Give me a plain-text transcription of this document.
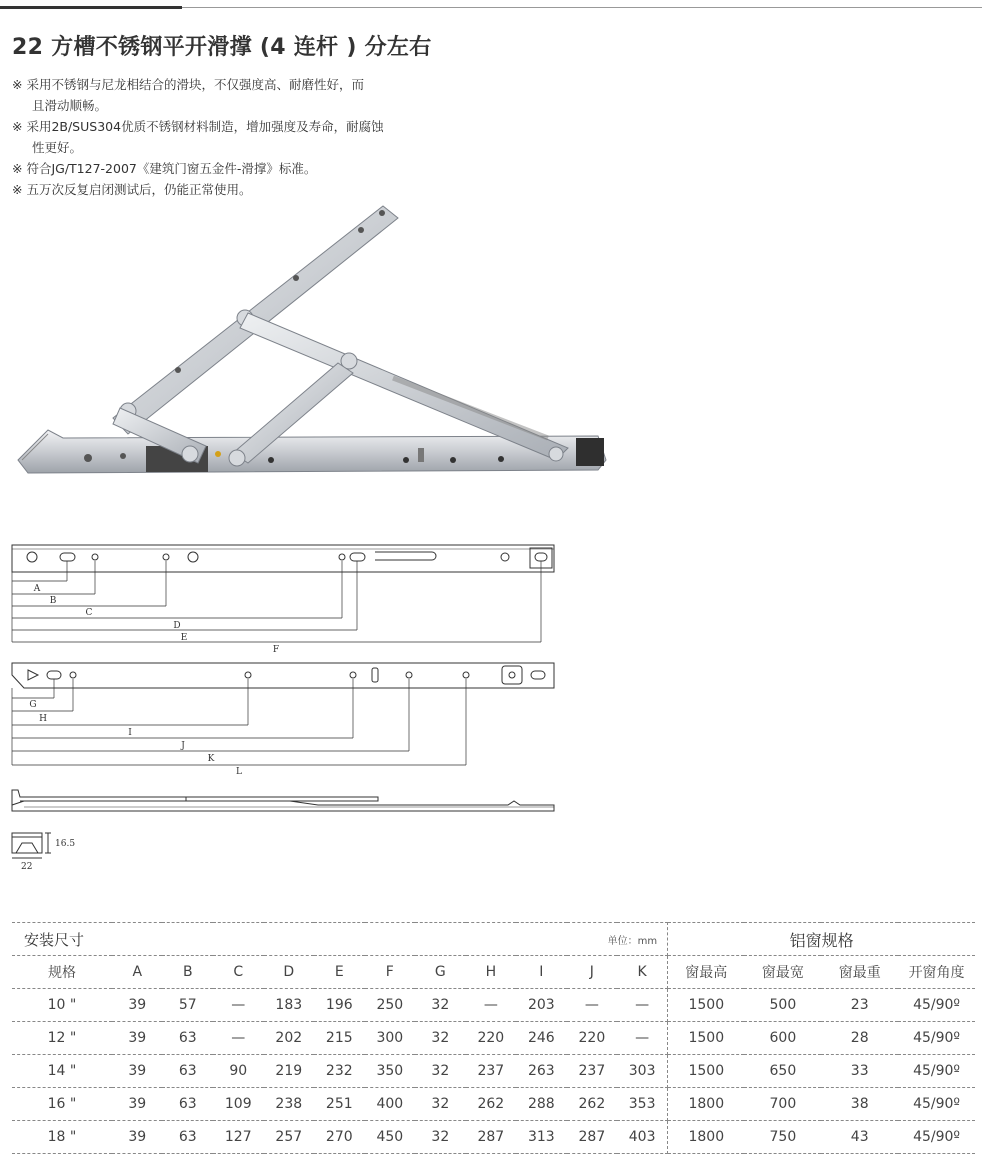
22 方槽不锈钢平开滑撑 (4 连杆 ) 分左右
※ 采用不锈钢与尼龙相结合的滑块，不仅强度高、耐磨性好，而
且滑动顺畅。
※ 采用2B/SUS304优质不锈钢材料制造，增加强度及寿命，耐腐蚀
性更好。
※ 符合JG/T127-2007《建筑门窗五金件-滑撑》标准。
※ 五万次反复启闭测试后，仍能正常使用。
A
B
C
D
E
F
G
H
I
J
K
L
16.5
22
安装尺寸									单位：mm			铝窗规格			
规格	A	B	C	D	E	F	G	H	I	J	K	窗最高	窗最宽	窗最重	开窗角度
10 "	39	57	—	183	196	250	32	—	203	—	—	1500	500	23	45/90º
12 "	39	63	—	202	215	300	32	220	246	220	—	1500	600	28	45/90º
14 "	39	63	90	219	232	350	32	237	263	237	303	1500	650	33	45/90º
16 "	39	63	109	238	251	400	32	262	288	262	353	1800	700	38	45/90º
18 "	39	63	127	257	270	450	32	287	313	287	403	1800	750	43	45/90º
